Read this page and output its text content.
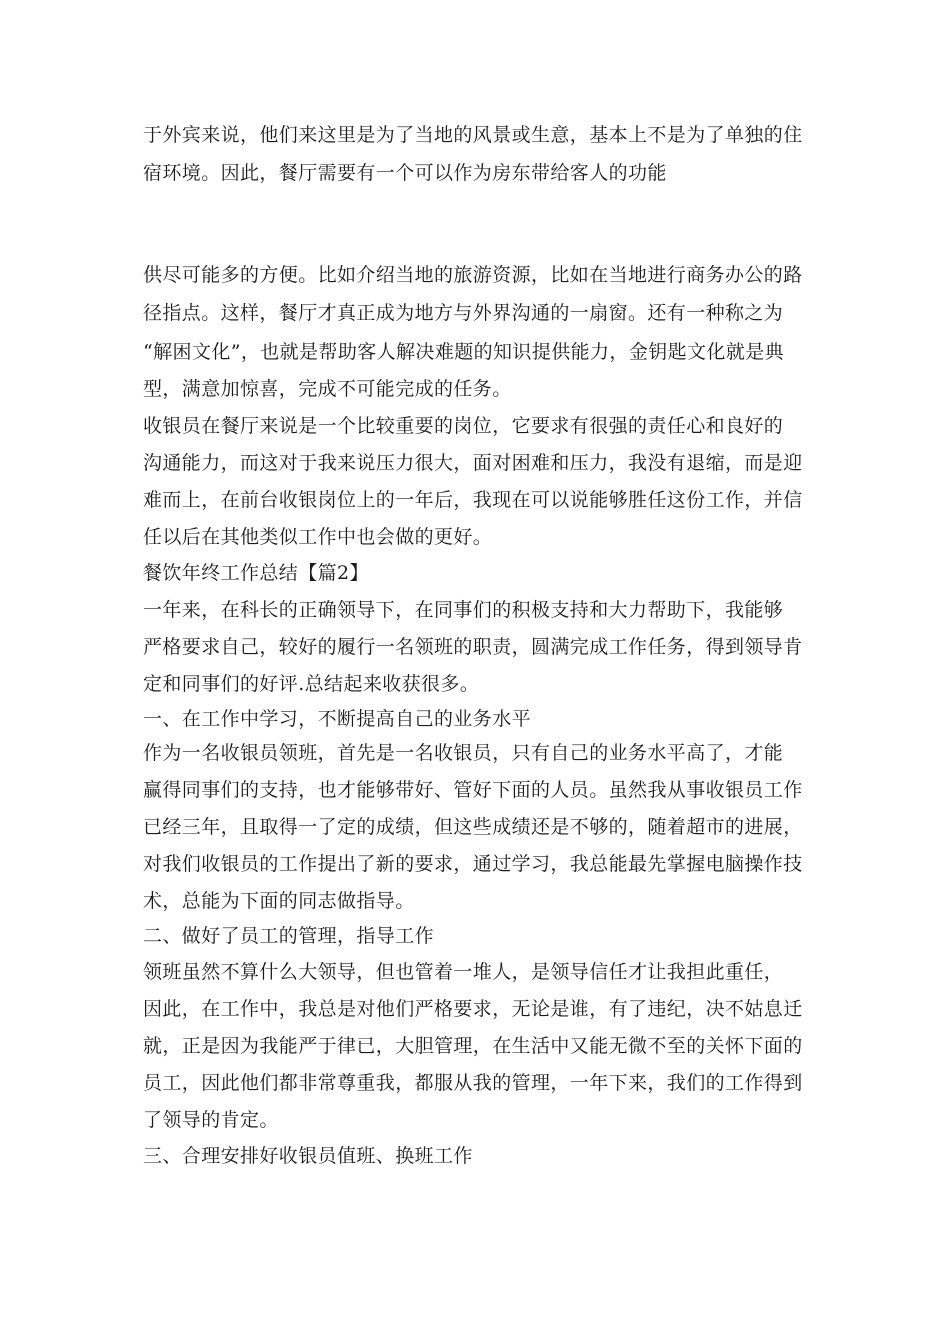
于外宾来说，他们来这里是为了当地的风景或生意，基本上不是为了单独的住
宿环境。因此，餐厅需要有一个可以作为房东带给客人的功能
供尽可能多的方便。比如介绍当地的旅游资源，比如在当地进行商务办公的路
径指点。这样，餐厅才真正成为地方与外界沟通的一扇窗。还有一种称之为
“解困文化”，也就是帮助客人解决难题的知识提供能力，金钥匙文化就是典
型，满意加惊喜，完成不可能完成的任务。
收银员在餐厅来说是一个比较重要的岗位，它要求有很强的责任心和良好的
沟通能力，而这对于我来说压力很大，面对困难和压力，我没有退缩，而是迎
难而上，在前台收银岗位上的一年后，我现在可以说能够胜任这份工作，并信
任以后在其他类似工作中也会做的更好。
餐饮年终工作总结【篇2】
一年来，在科长的正确领导下，在同事们的积极支持和大力帮助下，我能够
严格要求自己，较好的履行一名领班的职责，圆满完成工作任务，得到领导肯
定和同事们的好评.总结起来收获很多。
一、在工作中学习，不断提高自己的业务水平
作为一名收银员领班，首先是一名收银员，只有自己的业务水平高了，才能
赢得同事们的支持，也才能够带好、管好下面的人员。虽然我从事收银员工作
已经三年，且取得一了定的成绩，但这些成绩还是不够的，随着超市的进展，
对我们收银员的工作提出了新的要求，通过学习，我总能最先掌握电脑操作技
术，总能为下面的同志做指导。
二、做好了员工的管理，指导工作
领班虽然不算什么大领导，但也管着一堆人，是领导信任才让我担此重任，
因此，在工作中，我总是对他们严格要求，无论是谁，有了违纪，决不姑息迁
就，正是因为我能严于律已，大胆管理，在生活中又能无微不至的关怀下面的
员工，因此他们都非常尊重我，都服从我的管理，一年下来，我们的工作得到
了领导的肯定。
三、合理安排好收银员值班、换班工作
